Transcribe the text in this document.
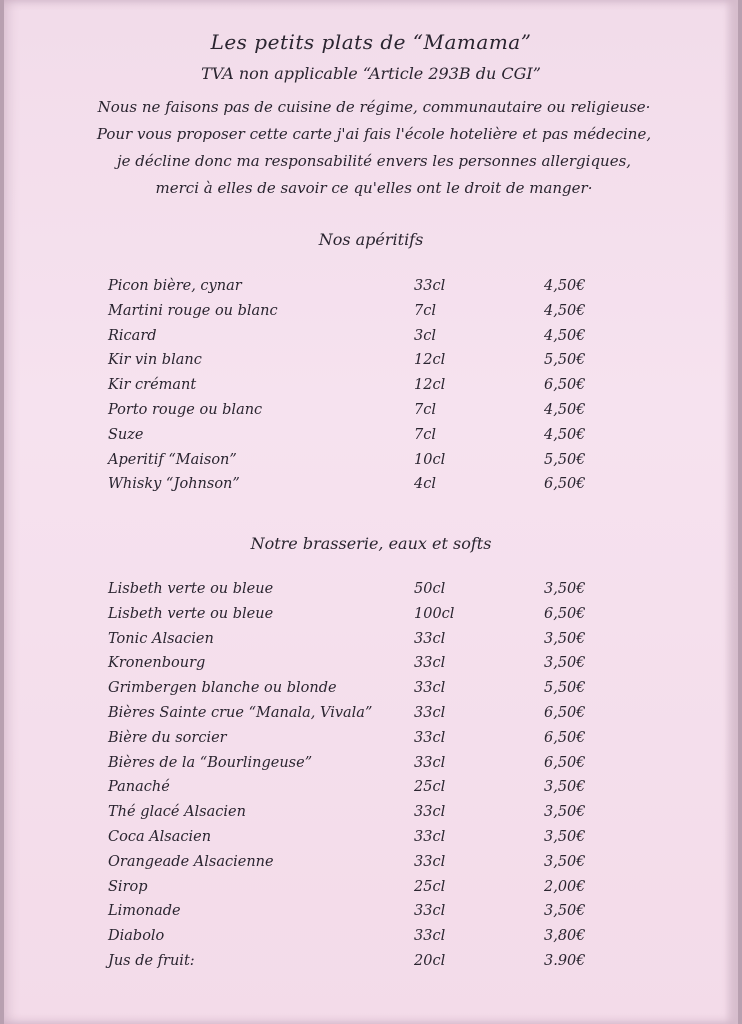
Les petits plats de “Mamama”
TVA non applicable “Article 293B du CGI”
Nous ne faisons pas de cuisine de régime, communautaire ou religieuse·
Pour vous proposer cette carte j'ai fais l'école hotelière et pas médecine,
je décline donc ma responsabilité envers les personnes allergiques,
merci à elles de savoir ce qu'elles ont le droit de manger·
Nos apéritifs
Picon bière, cynar	33cl	4,50€
Martini rouge ou blanc	7cl	4,50€
Ricard	3cl	4,50€
Kir vin blanc	12cl	5,50€
Kir crémant	12cl	6,50€
Porto rouge ou blanc	7cl	4,50€
Suze	7cl	4,50€
Aperitif “Maison”	10cl	5,50€
Whisky “Johnson”	4cl	6,50€
Notre brasserie, eaux et softs
Lisbeth verte ou bleue	50cl	3,50€
Lisbeth verte ou bleue	100cl	6,50€
Tonic Alsacien	33cl	3,50€
Kronenbourg	33cl	3,50€
Grimbergen blanche ou blonde	33cl	5,50€
Bières Sainte crue “Manala, Vivala”	33cl	6,50€
Bière du sorcier	33cl	6,50€
Bières de la “Bourlingeuse”	33cl	6,50€
Panaché	25cl	3,50€
Thé glacé Alsacien	33cl	3,50€
Coca Alsacien	33cl	3,50€
Orangeade Alsacienne	33cl	3,50€
Sirop	25cl	2,00€
Limonade	33cl	3,50€
Diabolo	33cl	3,80€
Jus de fruit:	20cl	3.90€
